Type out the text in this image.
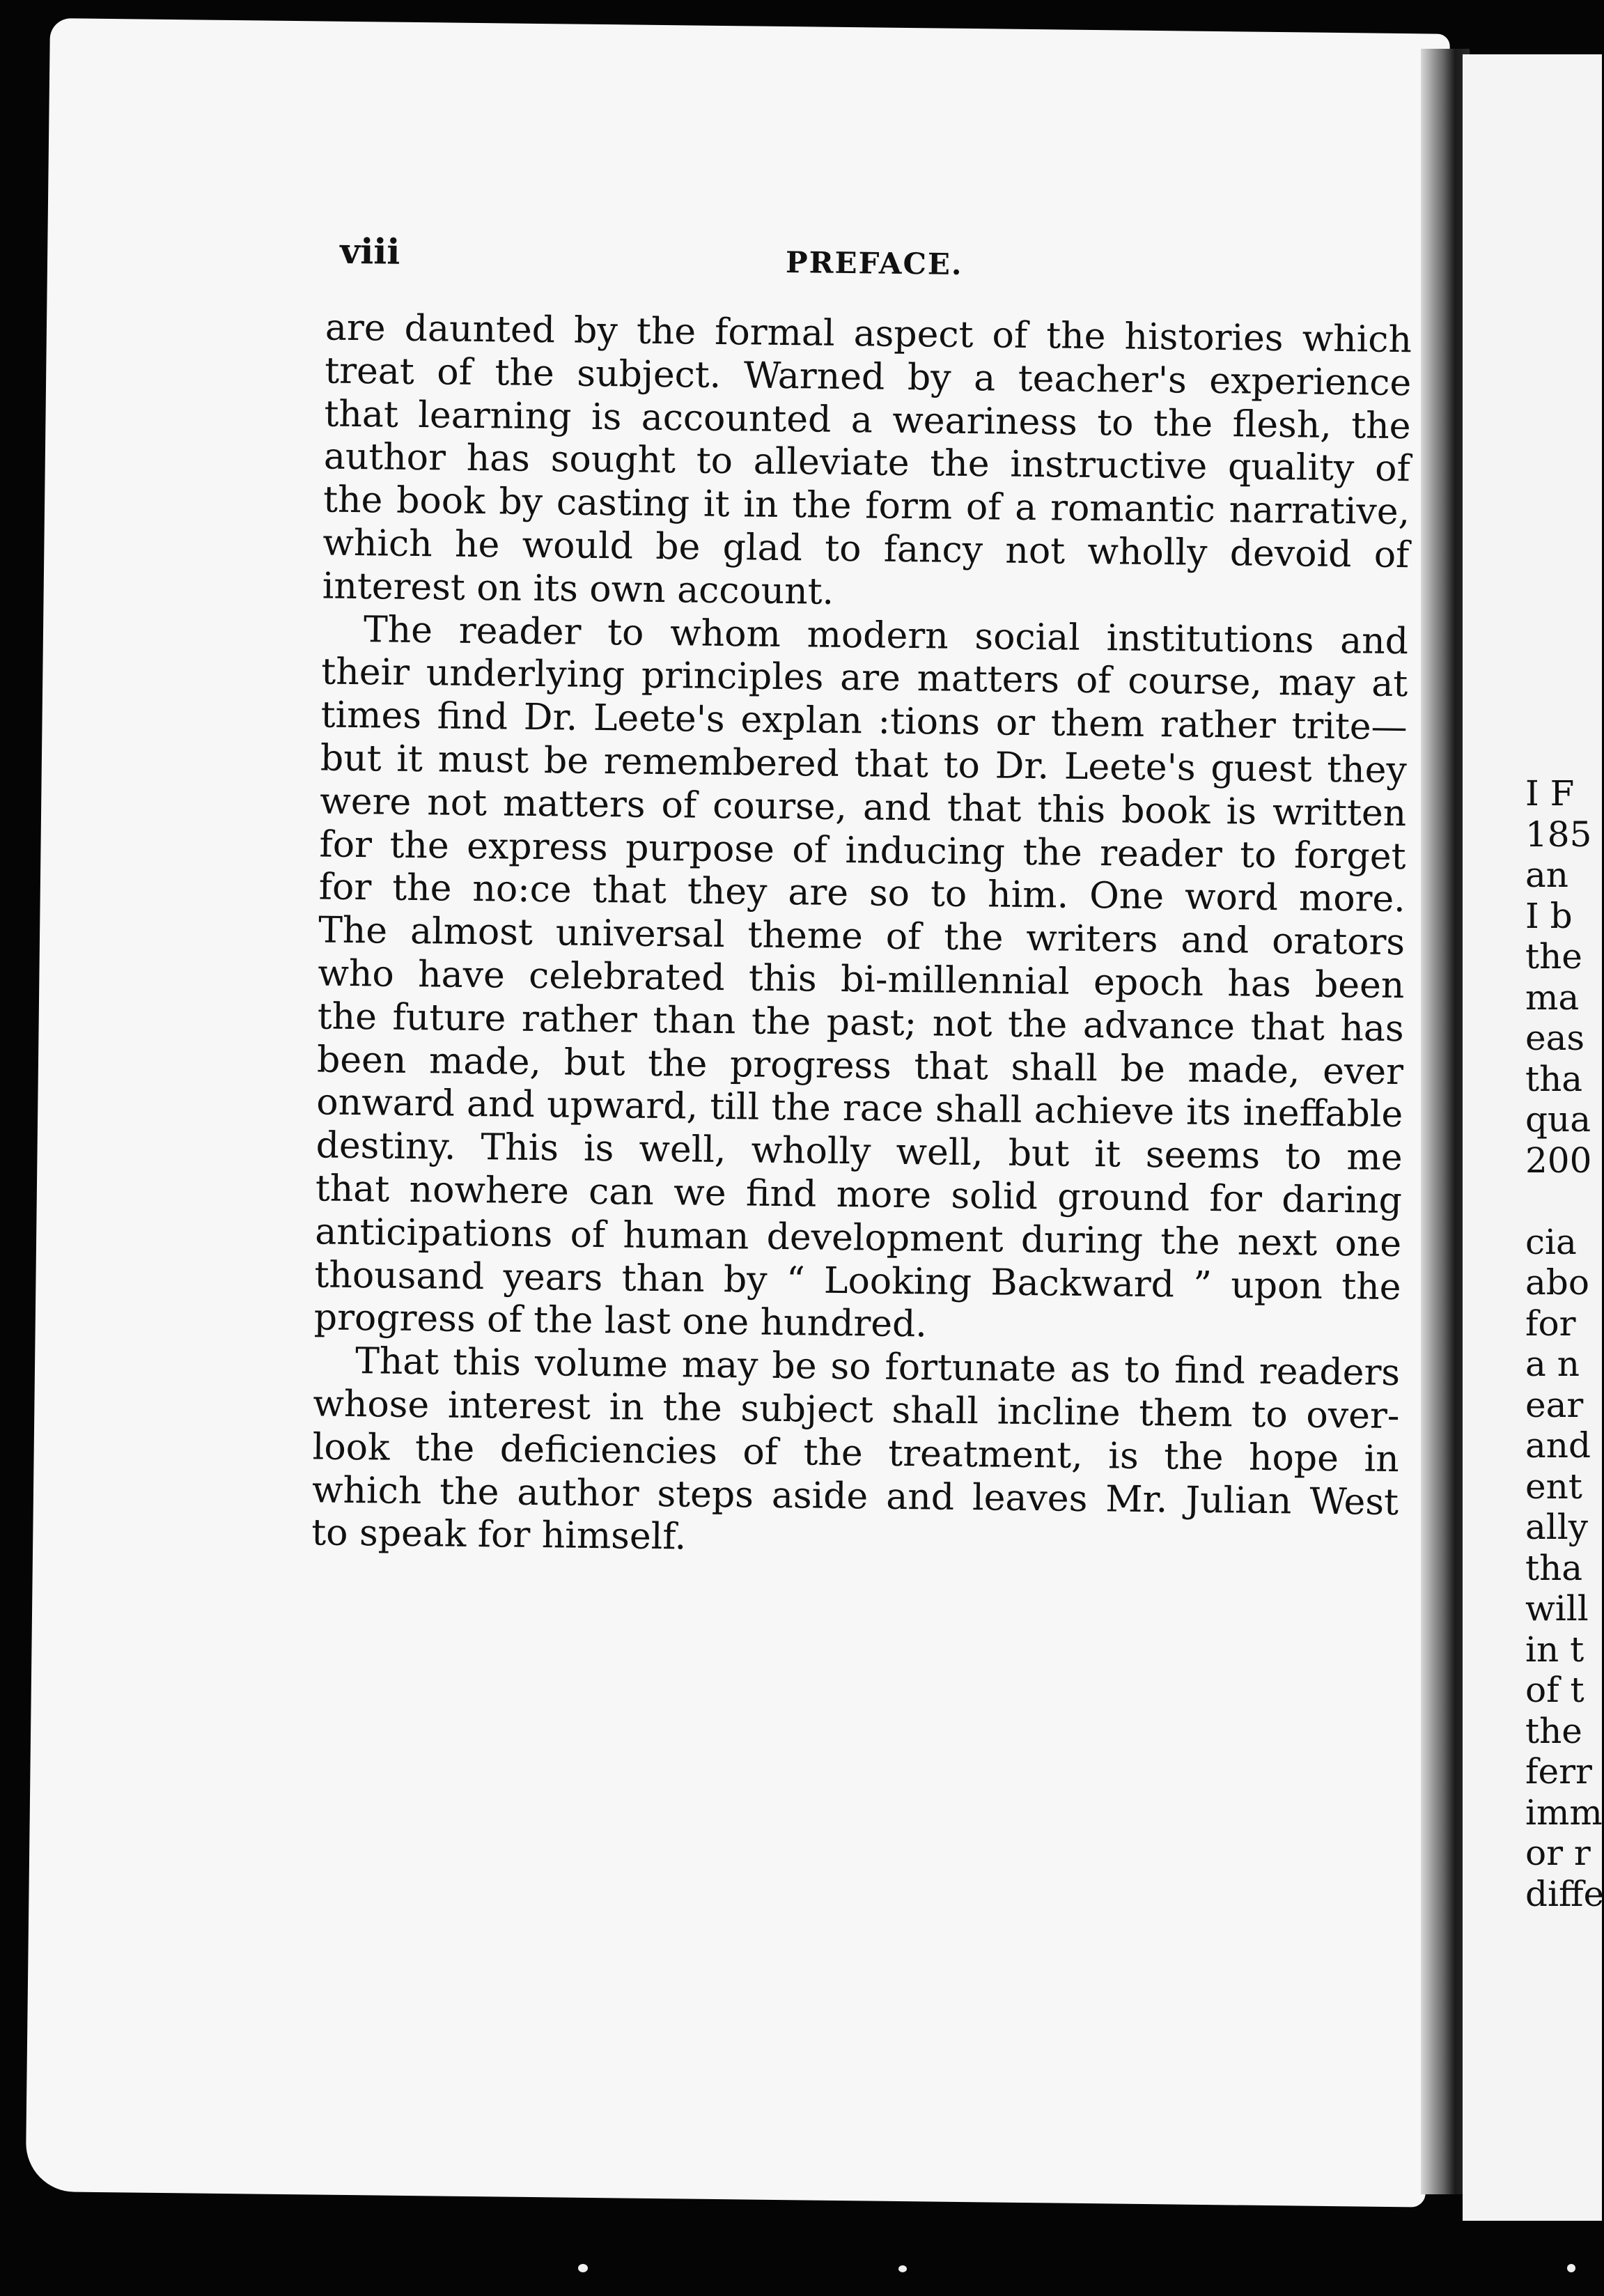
viii	PREFACE.
are daunted by the formal aspect of the histories which
treat of the subject. Warned by a teacher's experience
that learning is accounted a weariness to the flesh, the
author has sought to alleviate the instructive quality of
the book by casting it in the form of a romantic narrative,
which he would be glad to fancy not wholly devoid of
interest on its own account.
The reader to whom modern social institutions and
their underlying principles are matters of course, may at
times find Dr. Leete's explan :tions or them rather trite—
but it must be remembered that to Dr. Leete's guest they
were not matters of course, and that this book is written
for the express purpose of inducing the reader to forget
for the no:ce that they are so to him. One word more.
The almost universal theme of the writers and orators
who have celebrated this bi-millennial epoch has been
the future rather than the past; not the advance that has
been made, but the progress that shall be made, ever
onward and upward, till the race shall achieve its ineffable
destiny. This is well, wholly well, but it seems to me
that nowhere can we find more solid ground for daring
anticipations of human development during the next one
thousand years than by “ Looking Backward ” upon the
progress of the last one hundred.
That this volume may be so fortunate as to find readers
whose interest in the subject shall incline them to over-
look the deficiencies of the treatment, is the hope in
which the author steps aside and leaves Mr. Julian West
to speak for himself.
I F
185
an
I b
the
ma
eas
tha
qua
200
cia
abo
for
a n
ear
and
ent
ally
tha
will
in t
of t
the
ferr
imm
or r
diffe
